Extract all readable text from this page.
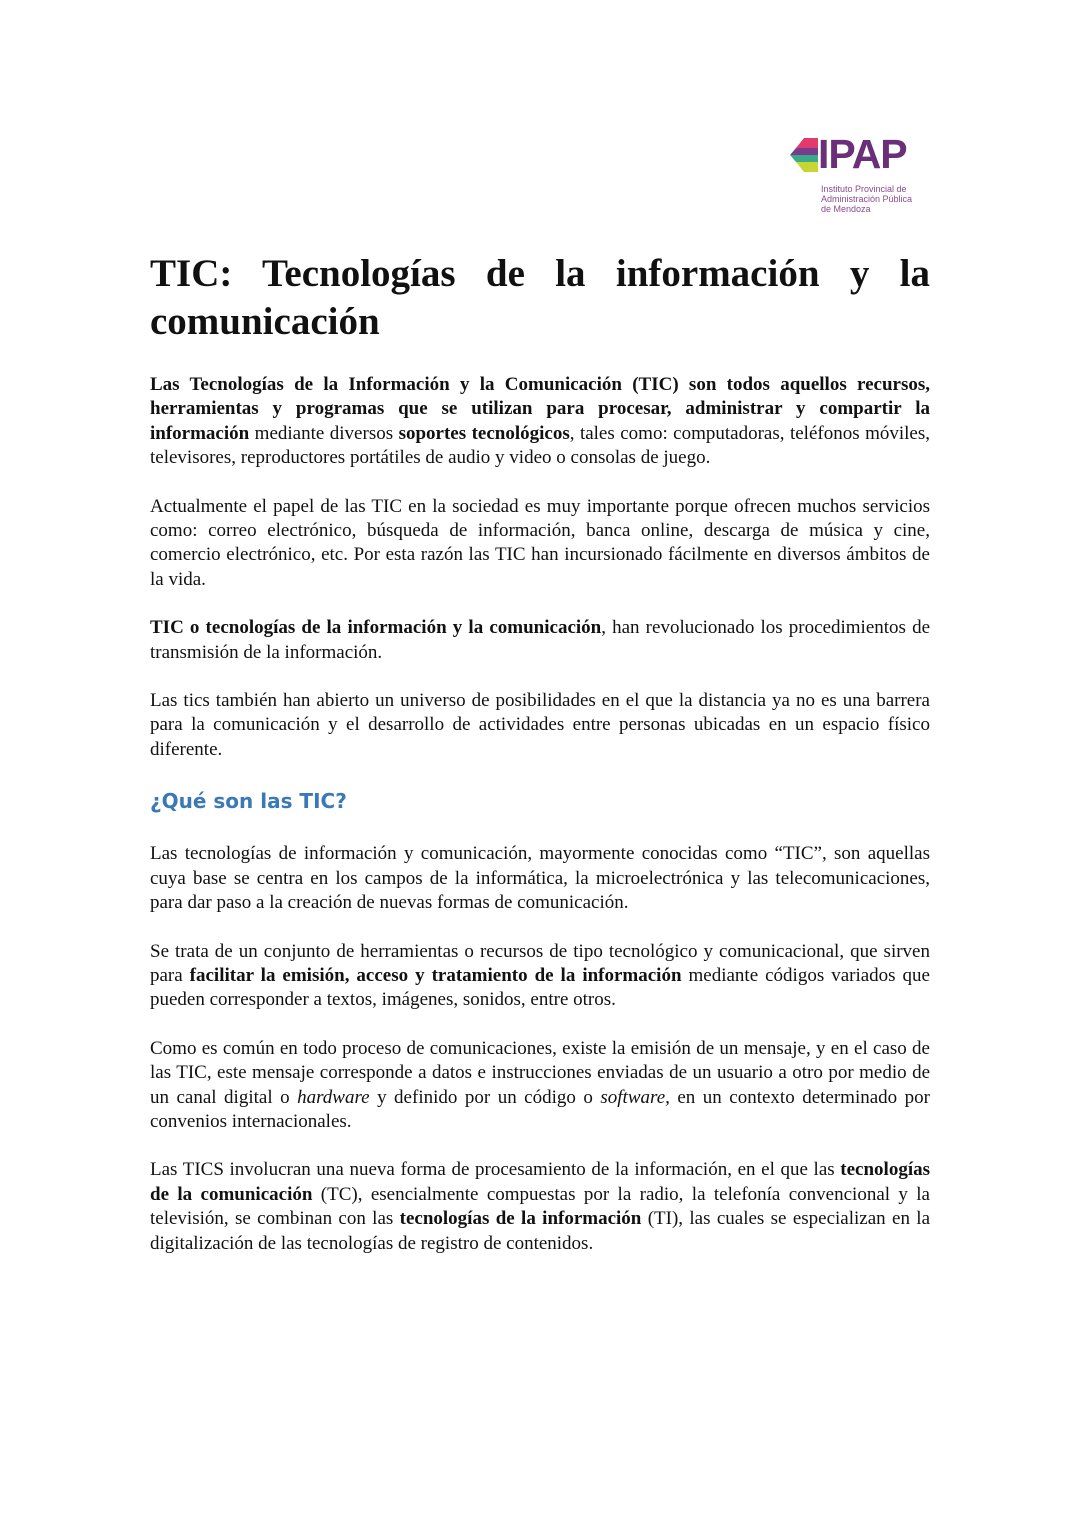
IPAP
Instituto Provincial de
Administración Pública
de Mendoza
TIC: Tecnologías de la información y la
comunicación

Las Tecnologías de la Información y la Comunicación (TIC) son todos aquellos recursos, herramientas y programas que se utilizan para procesar, administrar y compartir la información mediante diversos soportes tecnológicos, tales como: computadoras, teléfonos móviles, televisores, reproductores portátiles de audio y video o consolas de juego.

Actualmente el papel de las TIC en la sociedad es muy importante porque ofrecen muchos servicios como: correo electrónico, búsqueda de información, banca online, descarga de música y cine, comercio electrónico, etc. Por esta razón las TIC han incursionado fácilmente en diversos ámbitos de la vida.

TIC o tecnologías de la información y la comunicación, han revolucionado los procedimientos de transmisión de la información.

Las tics también han abierto un universo de posibilidades en el que la distancia ya no es una barrera para la comunicación y el desarrollo de actividades entre personas ubicadas en un espacio físico diferente.

¿Qué son las TIC?

Las tecnologías de información y comunicación, mayormente conocidas como “TIC”, son aquellas cuya base se centra en los campos de la informática, la microelectrónica y las telecomunicaciones, para dar paso a la creación de nuevas formas de comunicación.

Se trata de un conjunto de herramientas o recursos de tipo tecnológico y comunicacional, que sirven para facilitar la emisión, acceso y tratamiento de la información mediante códigos variados que pueden corresponder a textos, imágenes, sonidos, entre otros.

Como es común en todo proceso de comunicaciones, existe la emisión de un mensaje, y en el caso de las TIC, este mensaje corresponde a datos e instrucciones enviadas de un usuario a otro por medio de un canal digital o hardware y definido por un código o software, en un contexto determinado por convenios internacionales.

Las TICS involucran una nueva forma de procesamiento de la información, en el que las tecnologías de la comunicación (TC), esencialmente compuestas por la radio, la telefonía convencional y la televisión, se combinan con las tecnologías de la información (TI), las cuales se especializan en la digitalización de las tecnologías de registro de contenidos.
